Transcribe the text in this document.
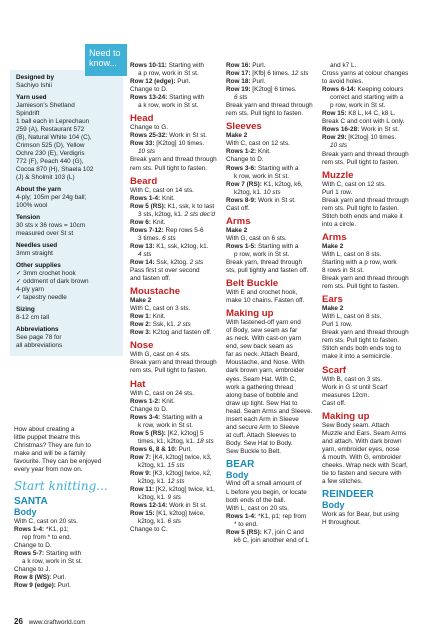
Designed by
Sachiyo Ishii
Yarn used
Jamieson's Shetland
Spindrift
1 ball each in Leprechaun
259 (A), Restaurant 572
(B), Natural White 104 (C),
Crimson 525 (D), Yellow
Ochre 230 (E), Verdigris
772 (F), Peach 440 (G),
Cocoa 870 (H), Shaela 102
(J) & Sholmit 103 (L)
About the yarn
4-ply; 105m per 24g ball;
100% wool
Tension
30 sts x 36 rows = 10cm
measured over St st
Needles used
3mm straight
Other supplies
✓ 3mm crochet hook
✓ oddment of dark brown
4-ply yarn
✓ tapestry needle
Sizing
8-12 cm tall
Abbreviations
See page 78 for
all abbreviations
Need to
know...
How about creating a
little puppet theatre this
Christmas? They are fun to
make and will be a family
favourite. They can be enjoyed
every year from now on.
Start knitting...
SANTA
Body
With C, cast on 20 sts.
Rows 1-4: *K1, p1;
rep from * to end.
Change to D.
Rows 5-7: Starting with
a k row, work in St st.
Change to J.
Row 8 (WS): Purl.
Row 9 (edge): Purl.
Rows 10-11: Starting with
a p row, work in St st.
Row 12 (edge): Purl.
Change to D.
Rows 13-24: Starting with
a k row, work in St st.
Head
Change to G.
Rows 25-32: Work in St st.
Row 33: [K2tog] 10 times.
10 sts
Break yarn and thread through
rem sts. Pull tight to fasten.
Beard
With C, cast on 14 sts.
Rows 1-4: Knit.
Row 5 (RS): K1, ssk, k to last
3 sts, k2tog, k1. 2 sts dec'd
Row 6: Knit.
Rows 7-12: Rep rows 5-6
3 times. 6 sts
Row 13: K1, ssk, k2tog, k1.
4 sts
Row 14: Ssk, k2tog. 2 sts
Pass first st over second
and fasten off.
Moustache
Make 2
With C, cast on 3 sts.
Row 1: Knit.
Row 2: Ssk, k1. 2 sts
Row 3: K2tog and fasten off.
Nose
With G, cast on 4 sts.
Break yarn and thread through
rem sts. Pull tight to fasten.
Hat
With C, cast on 24 sts.
Rows 1-2: Knit.
Change to D.
Rows 3-4: Starting with a
k row, work in St st.
Row 5 (RS): [K2, k2tog] 5
times, k1, k2tog, k1. 18 sts
Rows 6, 8 & 10: Purl.
Row 7: [K4, k2tog] twice, k3,
k2tog, k1. 15 sts
Row 9: [K3, k2tog] twice, k2,
k2tog, k1. 12 sts
Row 11: [K2, k2tog] twice, k1,
k2tog, k1. 9 sts
Rows 12-14: Work in St st.
Row 15: [K1, k2tog] twice,
k2tog, k1. 6 sts
Change to C.
Row 16: Purl.
Row 17: [Kfb] 6 times. 12 sts
Row 18: Purl.
Row 19: [K2tog] 6 times.
6 sts
Break yarn and thread through
rem sts. Pull tight to fasten.
Sleeves
Make 2
With C, cast on 12 sts.
Rows 1-2: Knit.
Change to D.
Rows 3-6: Starting with a
k row, work in St st.
Row 7 (RS): K1, k2tog, k6,
k2tog, k1. 10 sts
Rows 8-9: Work in St st.
Cast off.
Arms
Make 2
With G, cast on 6 sts.
Rows 1-5: Starting with a
p row, work in St st.
Break yarn, thread through
sts, pull tightly and fasten off.
Belt Buckle
With E and crochet hook,
make 10 chains. Fasten off.
Making up
With fastened-off yarn end
of Body, sew seam as far
as neck. With cast-on yarn
end, sew back seam as
far as neck. Attach Beard,
Moustache, and Nose. With
dark brown yarn, embroider
eyes. Seam Hat. With C,
work a gathering thread
along base of bobble and
draw up tight. Sew Hat to
head. Seam Arms and Sleeve.
Insert each Arm in Sleeve
and secure Arm to Sleeve
at cuff. Attach Sleeves to
Body. Sew Hat to Body.
Sew Buckle to Belt.
BEAR
Body
Wind off a small amount of
L before you begin, or locate
both ends of the ball.
With L, cast on 20 sts.
Rows 1-4: *K1, p1; rep from
* to end.
Row 5 (RS): K7, join C and
k6 C, join another end of L
and k7 L.
Cross yarns at colour changes
to avoid holes.
Rows 6-14: Keeping colours
correct and starting with a
p row, work in St st.
Row 15: K8 L, k4 C, k8 L.
Break C and cont with L only.
Rows 16-28: Work in St st.
Row 29: [K2tog] 10 times.
10 sts
Break yarn and thread through
rem sts. Pull tight to fasten.
Muzzle
With C, cast on 12 sts.
Purl 1 row.
Break yarn and thread through
rem sts. Pull tight to fasten.
Stitch both ends and make it
into a circle.
Arms
Make 2
With L, cast on 8 sts.
Starting with a p row, work
8 rows in St st.
Break yarn and thread through
rem sts. Pull tight to fasten.
Ears
Make 2
With L, cast on 8 sts.
Purl 1 row.
Break yarn and thread through
rem sts. Pull tight to fasten.
Stitch ends both ends tog to
make it into a semicircle.
Scarf
With B, cast on 3 sts.
Work in G st until Scarf
measures 12cm.
Cast off.
Making up
Sew Body seam. Attach
Muzzle and Ears. Seam Arms
and attach. With dark brown
yarn, embroider eyes, nose
& mouth. With G, embroider
cheeks. Wrap neck with Scarf,
tie to fasten and secure with
a few stitches.
REINDEER
Body
Work as for Bear, but using
H throughout.
26 www.craftworld.com
